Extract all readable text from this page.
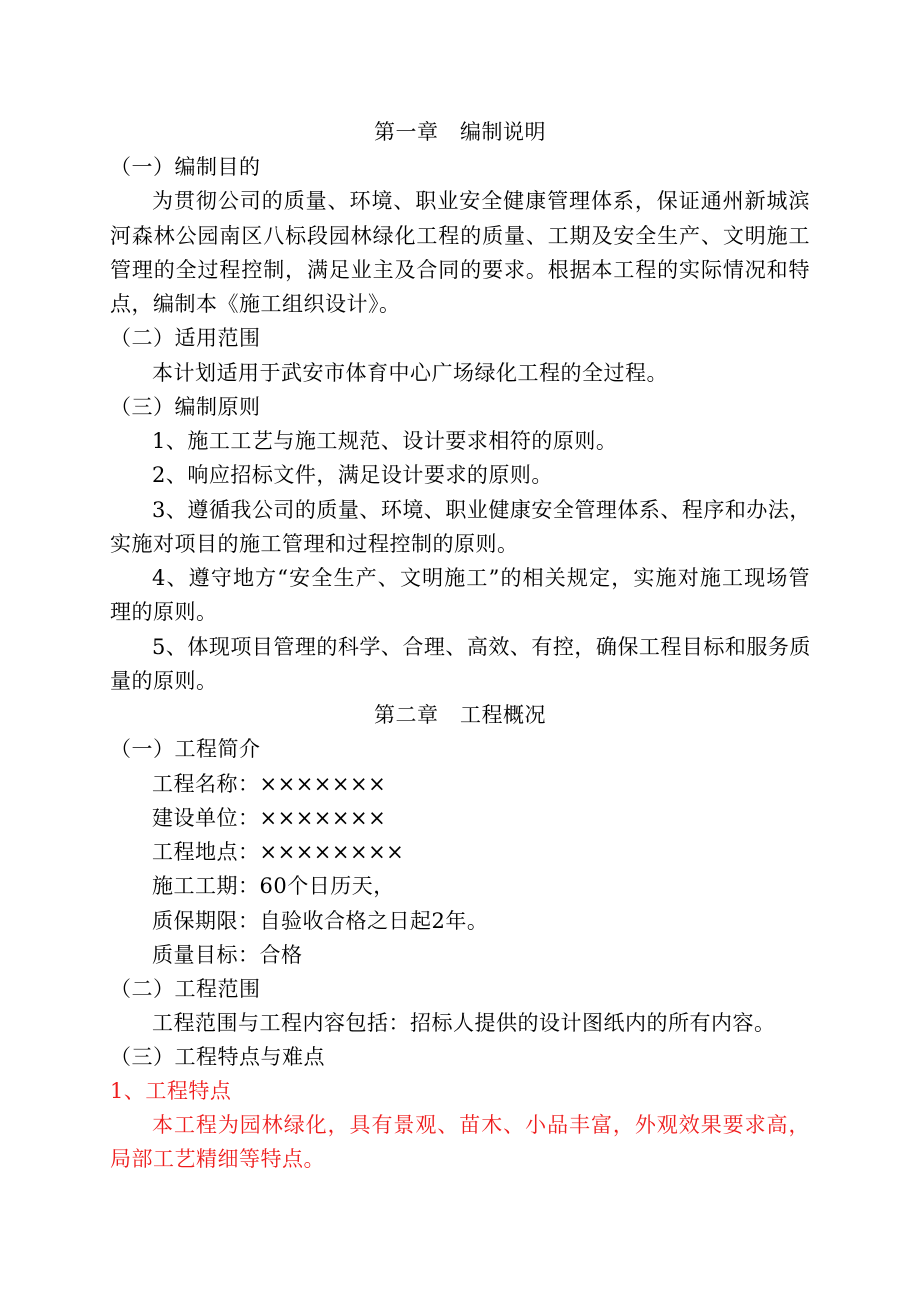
第一章　编制说明
（一）编制目的
为贯彻公司的质量、环境、职业安全健康管理体系，保证通州新城滨
河森林公园南区八标段园林绿化工程的质量、工期及安全生产、文明施工
管理的全过程控制，满足业主及合同的要求。根据本工程的实际情况和特
点，编制本《施工组织设计》。
（二）适用范围
本计划适用于武安市体育中心广场绿化工程的全过程。
（三）编制原则
1、施工工艺与施工规范、设计要求相符的原则。
2、响应招标文件，满足设计要求的原则。
3、遵循我公司的质量、环境、职业健康安全管理体系、程序和办法，
实施对项目的施工管理和过程控制的原则。
4、遵守地方“安全生产、文明施工”的相关规定，实施对施工现场管
理的原则。
5、体现项目管理的科学、合理、高效、有控，确保工程目标和服务质
量的原则。
第二章　工程概况
（一）工程简介
工程名称：×××××××
建设单位：×××××××
工程地点：××××××××
施工工期：60个日历天，
质保期限：自验收合格之日起2年。
质量目标：合格
（二）工程范围
工程范围与工程内容包括：招标人提供的设计图纸内的所有内容。
（三）工程特点与难点
1、工程特点
本工程为园林绿化，具有景观、苗木、小品丰富，外观效果要求高，
局部工艺精细等特点。
